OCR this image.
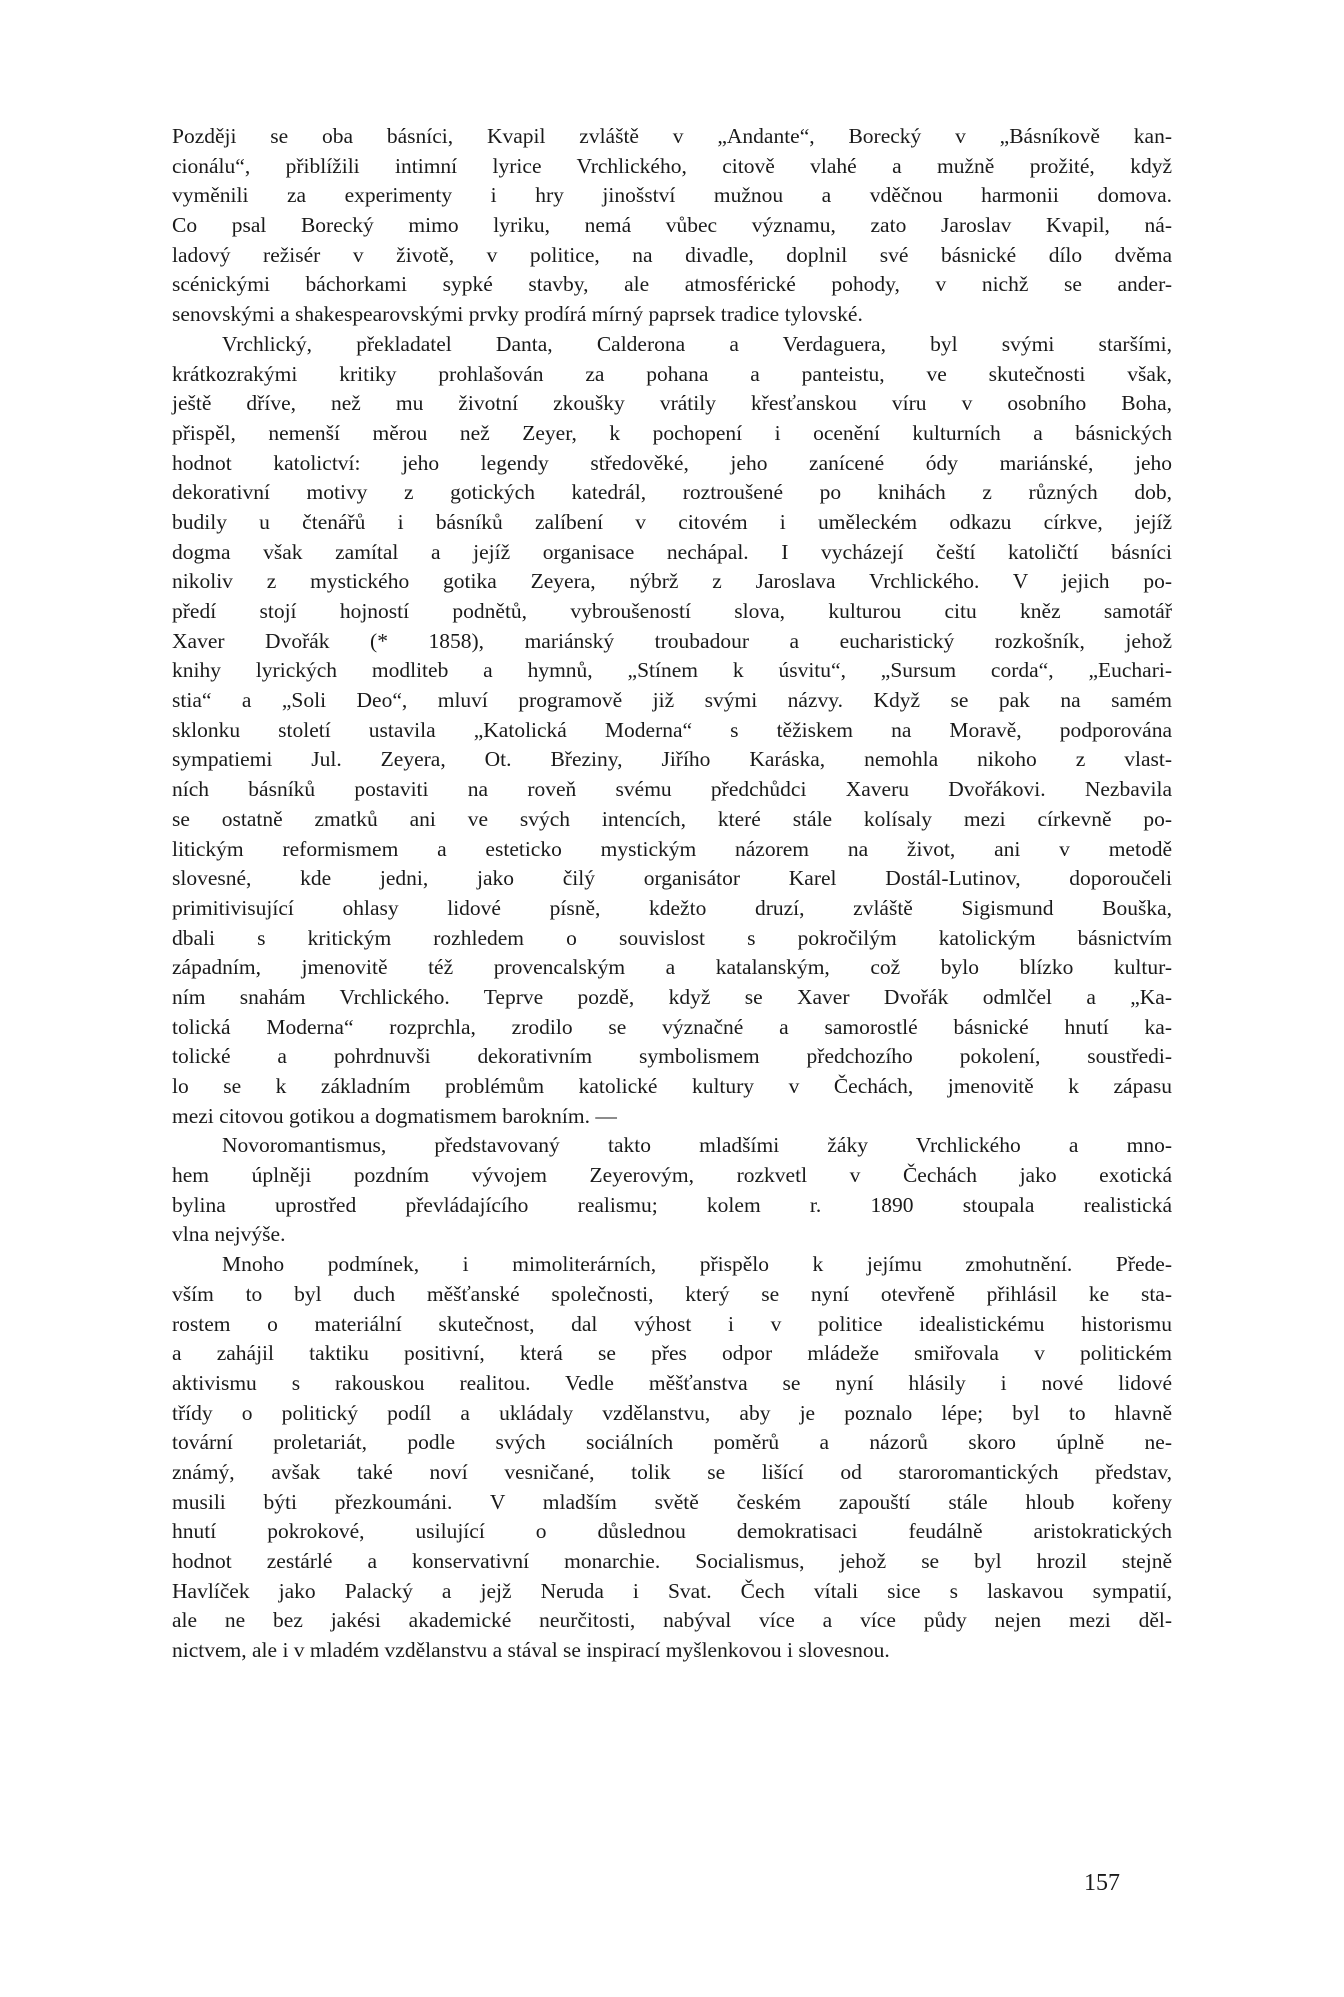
Později se oba básníci, Kvapil zvláště v „Andante“, Borecký v „Básníkově kan-
cionálu“, přiblížili intimní lyrice Vrchlického, citově vlahé a mužně prožité, když
vyměnili za experimenty i hry jinošství mužnou a vděčnou harmonii domova.
Co psal Borecký mimo lyriku, nemá vůbec významu, zato Jaroslav Kvapil, ná-
ladový režisér v životě, v politice, na divadle, doplnil své básnické dílo dvěma
scénickými báchorkami sypké stavby, ale atmosférické pohody, v nichž se ander-
senovskými a shakespearovskými prvky prodírá mírný paprsek tradice tylovské.
Vrchlický, překladatel Danta, Calderona a Verdaguera, byl svými staršími,
krátkozrakými kritiky prohlašován za pohana a panteistu, ve skutečnosti však,
ještě dříve, než mu životní zkoušky vrátily křesťanskou víru v osobního Boha,
přispěl, nemenší měrou než Zeyer, k pochopení i ocenění kulturních a básnických
hodnot katolictví: jeho legendy středověké, jeho zanícené ódy mariánské, jeho
dekorativní motivy z gotických katedrál, roztroušené po knihách z různých dob,
budily u čtenářů i básníků zalíbení v citovém i uměleckém odkazu církve, jejíž
dogma však zamítal a jejíž organisace nechápal. I vycházejí čeští katoličtí básníci
nikoliv z mystického gotika Zeyera, nýbrž z Jaroslava Vrchlického. V jejich po-
předí stojí hojností podnětů, vybroušeností slova, kulturou citu kněz samotář
Xaver Dvořák (* 1858), mariánský troubadour a eucharistický rozkošník, jehož
knihy lyrických modliteb a hymnů, „Stínem k úsvitu“, „Sursum corda“, „Euchari-
stia“ a „Soli Deo“, mluví programově již svými názvy. Když se pak na samém
sklonku století ustavila „Katolická Moderna“ s těžiskem na Moravě, podporována
sympatiemi Jul. Zeyera, Ot. Březiny, Jiřího Karáska, nemohla nikoho z vlast-
ních básníků postaviti na roveň svému předchůdci Xaveru Dvořákovi. Nezbavila
se ostatně zmatků ani ve svých intencích, které stále kolísaly mezi církevně po-
litickým reformismem a esteticko mystickým názorem na život, ani v metodě
slovesné, kde jedni, jako čilý organisátor Karel Dostál-Lutinov, doporoučeli
primitivisující ohlasy lidové písně, kdežto druzí, zvláště Sigismund Bouška,
dbali s kritickým rozhledem o souvislost s pokročilým katolickým básnictvím
západním, jmenovitě též provencalským a katalanským, což bylo blízko kultur-
ním snahám Vrchlického. Teprve pozdě, když se Xaver Dvořák odmlčel a „Ka-
tolická Moderna“ rozprchla, zrodilo se význačné a samorostlé básnické hnutí ka-
tolické a pohrdnuvši dekorativním symbolismem předchozího pokolení, soustředi-
lo se k základním problémům katolické kultury v Čechách, jmenovitě k zápasu
mezi citovou gotikou a dogmatismem barokním. —
Novoromantismus, představovaný takto mladšími žáky Vrchlického a mno-
hem úplněji pozdním vývojem Zeyerovým, rozkvetl v Čechách jako exotická
bylina uprostřed převládajícího realismu; kolem r. 1890 stoupala realistická
vlna nejvýše.
Mnoho podmínek, i mimoliterárních, přispělo k jejímu zmohutnění. Přede-
vším to byl duch měšťanské společnosti, který se nyní otevřeně přihlásil ke sta-
rostem o materiální skutečnost, dal výhost i v politice idealistickému historismu
a zahájil taktiku positivní, která se přes odpor mládeže smiřovala v politickém
aktivismu s rakouskou realitou. Vedle měšťanstva se nyní hlásily i nové lidové
třídy o politický podíl a ukládaly vzdělanstvu, aby je poznalo lépe; byl to hlavně
tovární proletariát, podle svých sociálních poměrů a názorů skoro úplně ne-
známý, avšak také noví vesničané, tolik se lišící od staroromantických představ,
musili býti přezkoumáni. V mladším světě českém zapouští stále hloub kořeny
hnutí pokrokové, usilující o důslednou demokratisaci feudálně aristokratických
hodnot zestárlé a konservativní monarchie. Socialismus, jehož se byl hrozil stejně
Havlíček jako Palacký a jejž Neruda i Svat. Čech vítali sice s laskavou sympatií,
ale ne bez jakési akademické neurčitosti, nabýval více a více půdy nejen mezi děl-
nictvem, ale i v mladém vzdělanstvu a stával se inspirací myšlenkovou i slovesnou.
157
